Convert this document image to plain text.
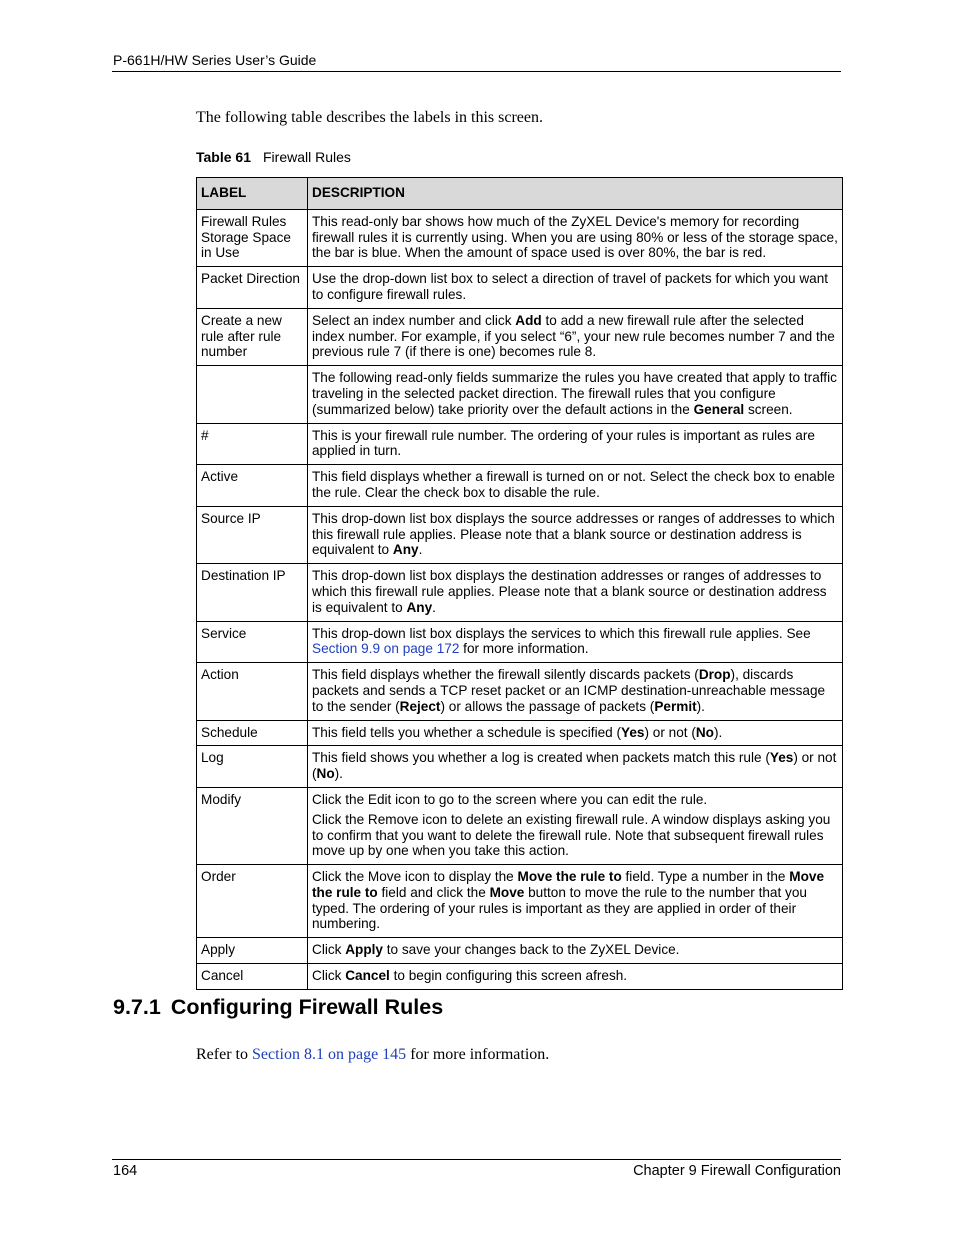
P-661H/HW Series User’s Guide
The following table describes the labels in this screen.
Table 61 Firewall Rules
LABEL	DESCRIPTION
Firewall Rules Storage Space in Use	This read-only bar shows how much of the ZyXEL Device's memory for recording firewall rules it is currently using. When you are using 80% or less of the storage space, the bar is blue. When the amount of space used is over 80%, the bar is red.

Packet Direction	Use the drop-down list box to select a direction of travel of packets for which you want to configure firewall rules.

Create a new rule after rule number	Select an index number and click Add to add a new firewall rule after the selected index number. For example, if you select “6”, your new rule becomes number 7 and the previous rule 7 (if there is one) becomes rule 8.

	The following read-only fields summarize the rules you have created that apply to traffic traveling in the selected packet direction. The firewall rules that you configure (summarized below) take priority over the default actions in the General screen.

#	This is your firewall rule number. The ordering of your rules is important as rules are applied in turn.

Active	This field displays whether a firewall is turned on or not. Select the check box to enable the rule. Clear the check box to disable the rule.

Source IP	This drop-down list box displays the source addresses or ranges of addresses to which this firewall rule applies. Please note that a blank source or destination address is equivalent to Any.

Destination IP	This drop-down list box displays the destination addresses or ranges of addresses to which this firewall rule applies. Please note that a blank source or destination address is equivalent to Any.

Service	This drop-down list box displays the services to which this firewall rule applies. See Section 9.9 on page 172 for more information.

Action	This field displays whether the firewall silently discards packets (Drop), discards packets and sends a TCP reset packet or an ICMP destination-unreachable message to the sender (Reject) or allows the passage of packets (Permit).

Schedule	This field tells you whether a schedule is specified (Yes) or not (No).

Log	This field shows you whether a log is created when packets match this rule (Yes) or not (No).

Modify	Click the Edit icon to go to the screen where you can edit the rule.

Click the Remove icon to delete an existing firewall rule. A window displays asking you to confirm that you want to delete the firewall rule. Note that subsequent firewall rules move up by one when you take this action.

Order	Click the Move icon to display the Move the rule to field. Type a number in the Move the rule to field and click the Move button to move the rule to the number that you typed. The ordering of your rules is important as they are applied in order of their numbering.

Apply	Click Apply to save your changes back to the ZyXEL Device.

Cancel	Click Cancel to begin configuring this screen afresh.

9.7.1 Configuring Firewall Rules
Refer to Section 8.1 on page 145 for more information.
164	Chapter 9 Firewall Configuration
